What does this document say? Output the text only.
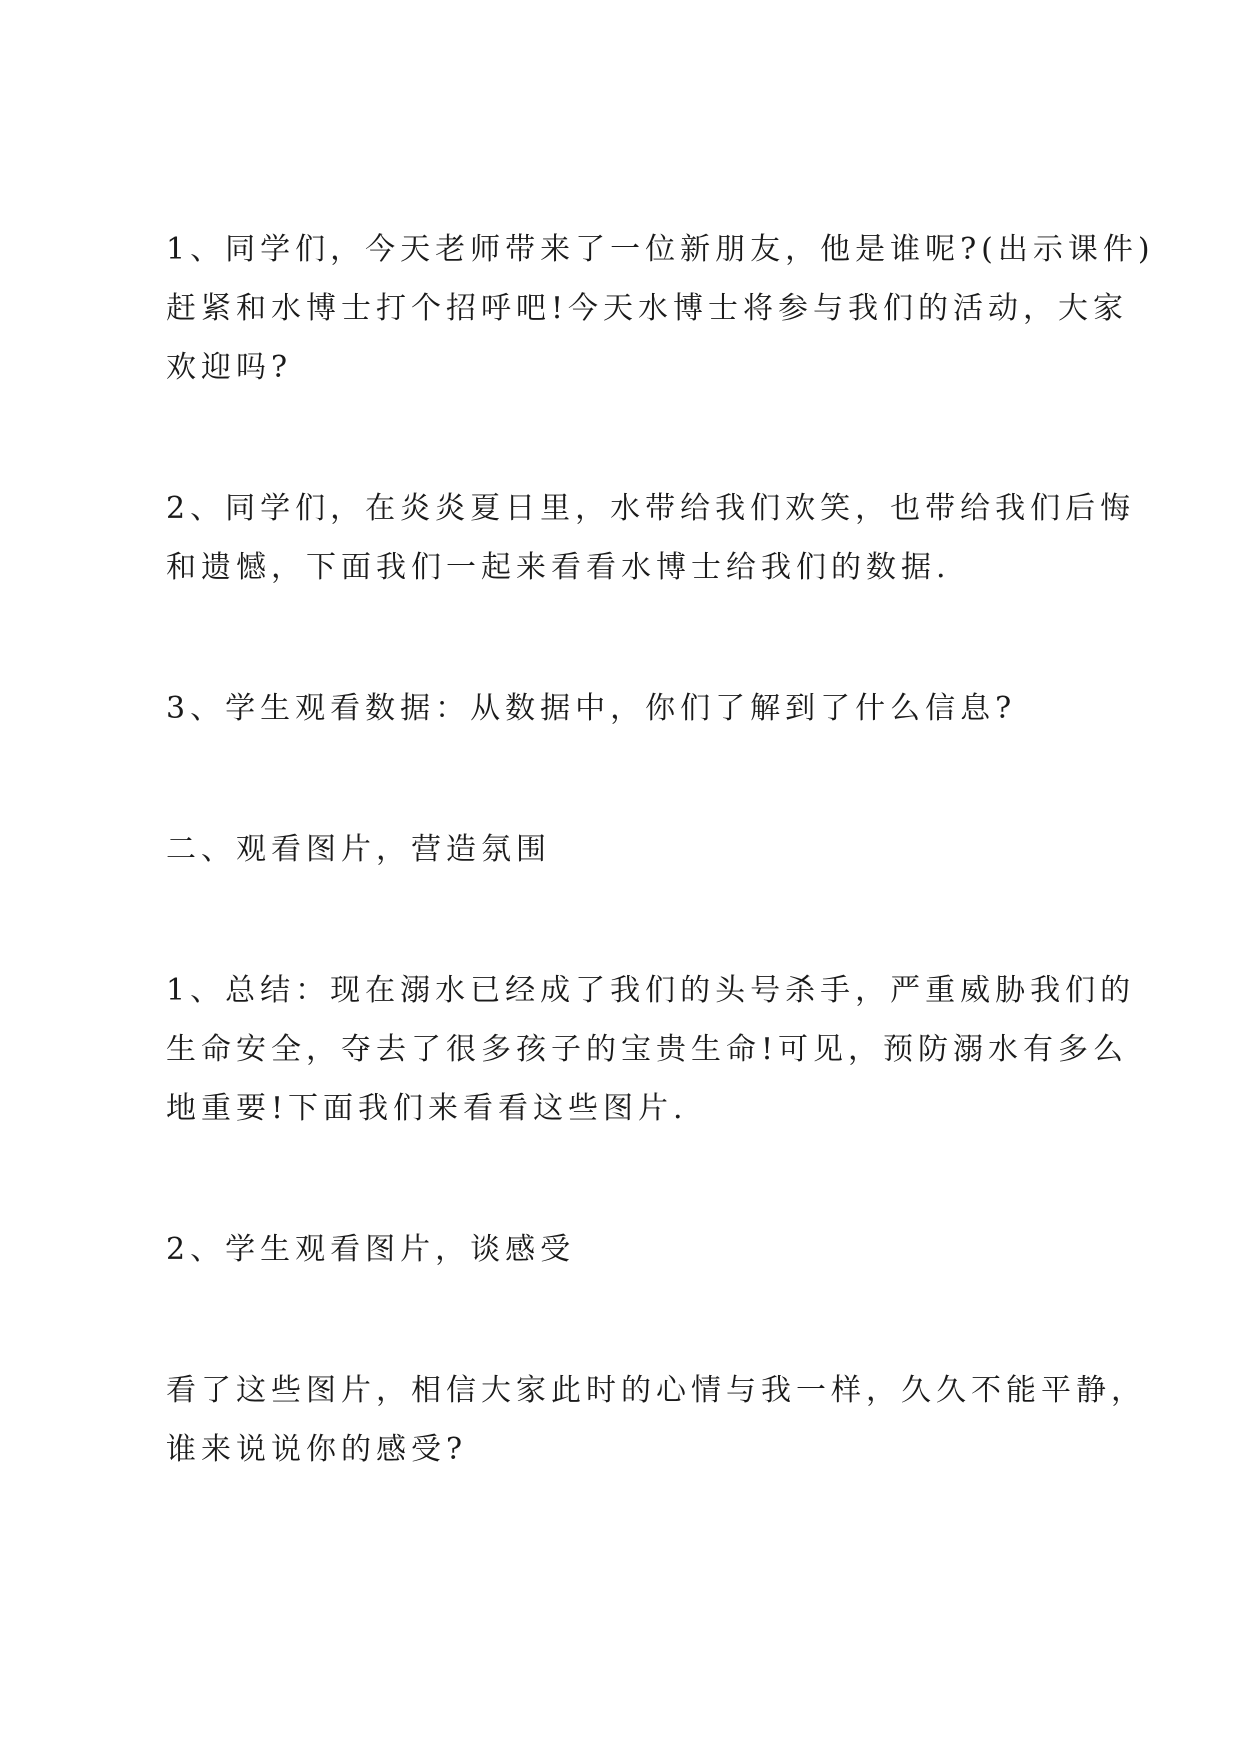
1、同学们，今天老师带来了一位新朋友，他是谁呢?(出示课件)
赶紧和水博士打个招呼吧!今天水博士将参与我们的活动，大家
欢迎吗?

2、同学们，在炎炎夏日里，水带给我们欢笑，也带给我们后悔
和遗憾，下面我们一起来看看水博士给我们的数据.

3、学生观看数据：从数据中，你们了解到了什么信息?

二、观看图片，营造氛围

1、总结：现在溺水已经成了我们的头号杀手，严重威胁我们的
生命安全，夺去了很多孩子的宝贵生命!可见，预防溺水有多么
地重要!下面我们来看看这些图片.

2、学生观看图片，谈感受

看了这些图片，相信大家此时的心情与我一样，久久不能平静，
谁来说说你的感受?
